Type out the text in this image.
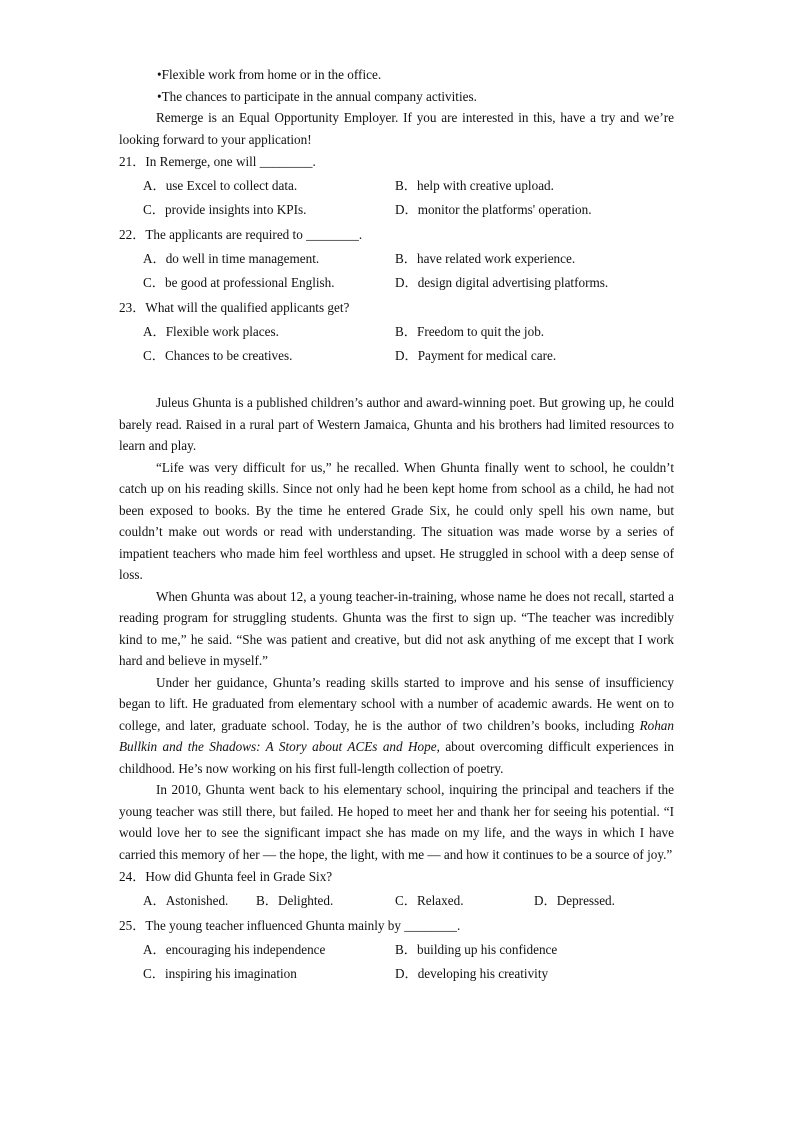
•Flexible work from home or in the office.

•The chances to participate in the annual company activities.

Remerge is an Equal Opportunity Employer. If you are interested in this, have a try and we’re looking forward to your application!

21．In Remerge, one will ________.

A．use Excel to collect data.	B．help with creative upload.
C．provide insights into KPIs.	D．monitor the platforms' operation.

22．The applicants are required to ________.

A．do well in time management.	B．have related work experience.
C．be good at professional English.	D．design digital advertising platforms.

23．What will the qualified applicants get?

A．Flexible work places.	B．Freedom to quit the job.
C．Chances to be creatives.	D．Payment for medical care.

Juleus Ghunta is a published children’s author and award-winning poet. But growing up, he could barely read. Raised in a rural part of Western Jamaica, Ghunta and his brothers had limited resources to learn and play.

“Life was very difficult for us,” he recalled. When Ghunta finally went to school, he couldn’t catch up on his reading skills. Since not only had he been kept home from school as a child, he had not been exposed to books. By the time he entered Grade Six, he could only spell his own name, but couldn’t make out words or read with understanding. The situation was made worse by a series of impatient teachers who made him feel worthless and upset. He struggled in school with a deep sense of loss.

When Ghunta was about 12, a young teacher-in-training, whose name he does not recall, started a reading program for struggling students. Ghunta was the first to sign up. “The teacher was incredibly kind to me,” he said. “She was patient and creative, but did not ask anything of me except that I work hard and believe in myself.”

Under her guidance, Ghunta’s reading skills started to improve and his sense of insufficiency began to lift. He graduated from elementary school with a number of academic awards. He went on to college, and later, graduate school. Today, he is the author of two children’s books, including Rohan Bullkin and the Shadows: A Story about ACEs and Hope, about overcoming difficult experiences in childhood. He’s now working on his first full-length collection of poetry.

In 2010, Ghunta went back to his elementary school, inquiring the principal and teachers if the young teacher was still there, but failed. He hoped to meet her and thank her for seeing his potential. “I would love her to see the significant impact she has made on my life, and the ways in which I have carried this memory of her — the hope, the light, with me — and how it continues to be a source of joy.”

24．How did Ghunta feel in Grade Six?

A．Astonished.	B．Delighted.	C．Relaxed.	D．Depressed.

25．The young teacher influenced Ghunta mainly by ________.

A．encouraging his independence	B．building up his confidence
C．inspiring his imagination	D．developing his creativity
